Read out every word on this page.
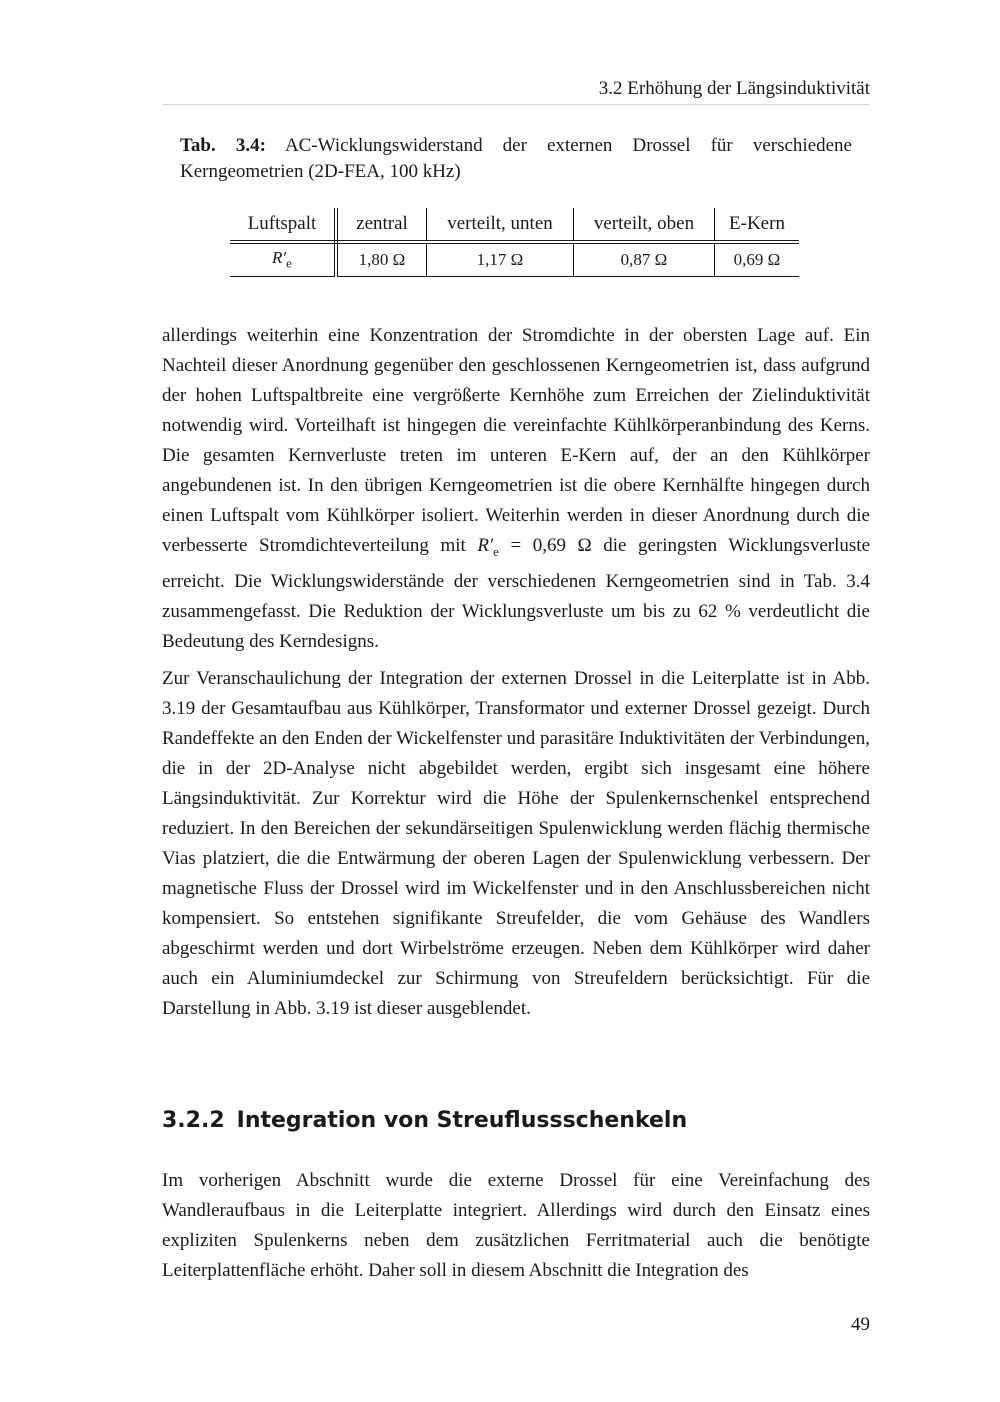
3.2 Erhöhung der Längsinduktivität
Tab. 3.4: AC-Wicklungswiderstand der externen Drossel für verschiedene
Kerngeometrien (2D-FEA, 100 kHz)
Luftspalt	zentral	verteilt, unten	verteilt, oben	E-Kern
$R'_e$	1,80 Ω	1,17 Ω	0,87 Ω	0,69 Ω
allerdings weiterhin eine Konzentration der Stromdichte in der obersten Lage auf. Ein Nachteil dieser Anordnung gegenüber den geschlossenen Kerngeometrien ist, dass aufgrund der hohen Luftspaltbreite eine vergrößerte Kernhöhe zum Erreichen der Zielinduktivität notwendig wird. Vorteilhaft ist hingegen die vereinfachte Kühlkörperanbindung des Kerns. Die gesamten Kernverluste treten im unteren E-Kern auf, der an den Kühlkörper angebundenen ist. In den übrigen Kerngeometrien ist die obere Kernhälfte hingegen durch einen Luftspalt vom Kühlkörper isoliert. Weiterhin werden in dieser Anordnung durch die verbesserte Stromdichteverteilung mit $R'_e = 0,69$ Ω die geringsten Wicklungsverluste erreicht. Die Wicklungswiderstände der verschiedenen Kerngeometrien sind in Tab. 3.4 zusammengefasst. Die Reduktion der Wicklungsverluste um bis zu 62 % verdeutlicht die Bedeutung des Kerndesigns.
Zur Veranschaulichung der Integration der externen Drossel in die Leiterplatte ist in Abb. 3.19 der Gesamtaufbau aus Kühlkörper, Transformator und externer Drossel gezeigt. Durch Randeffekte an den Enden der Wickelfenster und parasitäre Induktivitäten der Verbindungen, die in der 2D-Analyse nicht abgebildet werden, ergibt sich insgesamt eine höhere Längsinduktivität. Zur Korrektur wird die Höhe der Spulenkernschenkel entsprechend reduziert. In den Bereichen der sekundärseitigen Spulenwicklung werden flächig thermische Vias platziert, die die Entwärmung der oberen Lagen der Spulenwicklung verbessern. Der magnetische Fluss der Drossel wird im Wickelfenster und in den Anschlussbereichen nicht kompensiert. So entstehen signifikante Streufelder, die vom Gehäuse des Wandlers abgeschirmt werden und dort Wirbelströme erzeugen. Neben dem Kühlkörper wird daher auch ein Aluminiumdeckel zur Schirmung von Streufeldern berücksichtigt. Für die Darstellung in Abb. 3.19 ist dieser ausgeblendet.
3.2.2 Integration von Streuflussschenkeln
Im vorherigen Abschnitt wurde die externe Drossel für eine Vereinfachung des Wandleraufbaus in die Leiterplatte integriert. Allerdings wird durch den Einsatz eines expliziten Spulenkerns neben dem zusätzlichen Ferritmaterial auch die benötigte Leiterplattenfläche erhöht. Daher soll in diesem Abschnitt die Integration des
49
